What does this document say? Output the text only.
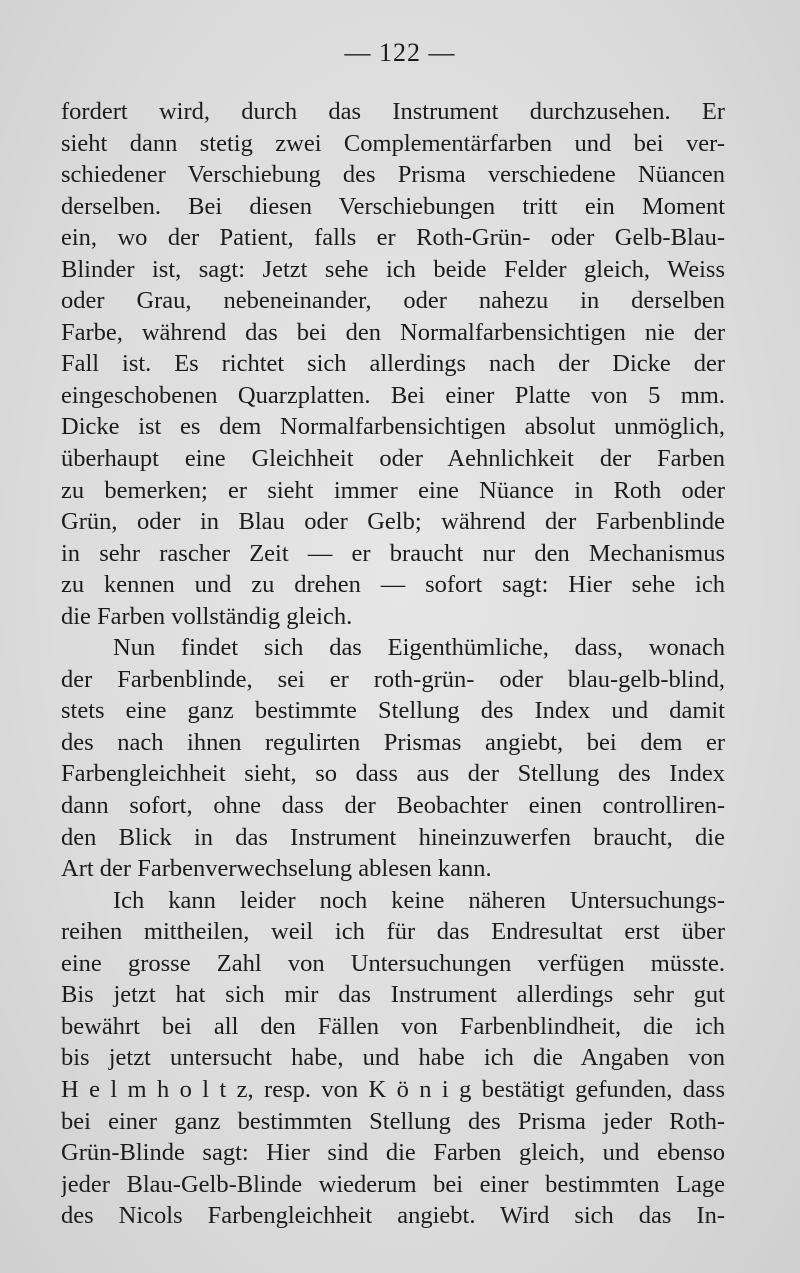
— 122 —
fordert wird, durch das Instrument durchzusehen. Er
sieht dann stetig zwei Complementärfarben und bei ver-
schiedener Verschiebung des Prisma verschiedene Nüancen
derselben. Bei diesen Verschiebungen tritt ein Moment
ein, wo der Patient, falls er Roth-Grün- oder Gelb-Blau-
Blinder ist, sagt: Jetzt sehe ich beide Felder gleich, Weiss
oder Grau, nebeneinander, oder nahezu in derselben
Farbe, während das bei den Normalfarbensichtigen nie der
Fall ist. Es richtet sich allerdings nach der Dicke der
eingeschobenen Quarzplatten. Bei einer Platte von 5 mm.
Dicke ist es dem Normalfarbensichtigen absolut unmöglich,
überhaupt eine Gleichheit oder Aehnlichkeit der Farben
zu bemerken; er sieht immer eine Nüance in Roth oder
Grün, oder in Blau oder Gelb; während der Farbenblinde
in sehr rascher Zeit — er braucht nur den Mechanismus
zu kennen und zu drehen — sofort sagt: Hier sehe ich
die Farben vollständig gleich.
Nun findet sich das Eigenthümliche, dass, wonach
der Farbenblinde, sei er roth-grün- oder blau-gelb-blind,
stets eine ganz bestimmte Stellung des Index und damit
des nach ihnen regulirten Prismas angiebt, bei dem er
Farbengleichheit sieht, so dass aus der Stellung des Index
dann sofort, ohne dass der Beobachter einen controlliren-
den Blick in das Instrument hineinzuwerfen braucht, die
Art der Farbenverwechselung ablesen kann.
Ich kann leider noch keine näheren Untersuchungs-
reihen mittheilen, weil ich für das Endresultat erst über
eine grosse Zahl von Untersuchungen verfügen müsste.
Bis jetzt hat sich mir das Instrument allerdings sehr gut
bewährt bei all den Fällen von Farbenblindheit, die ich
bis jetzt untersucht habe, und habe ich die Angaben von
H e l m h o l t z, resp. von K ö n i g bestätigt gefunden, dass
bei einer ganz bestimmten Stellung des Prisma jeder Roth-
Grün-Blinde sagt: Hier sind die Farben gleich, und ebenso
jeder Blau-Gelb-Blinde wiederum bei einer bestimmten Lage
des Nicols Farbengleichheit angiebt. Wird sich das In-
